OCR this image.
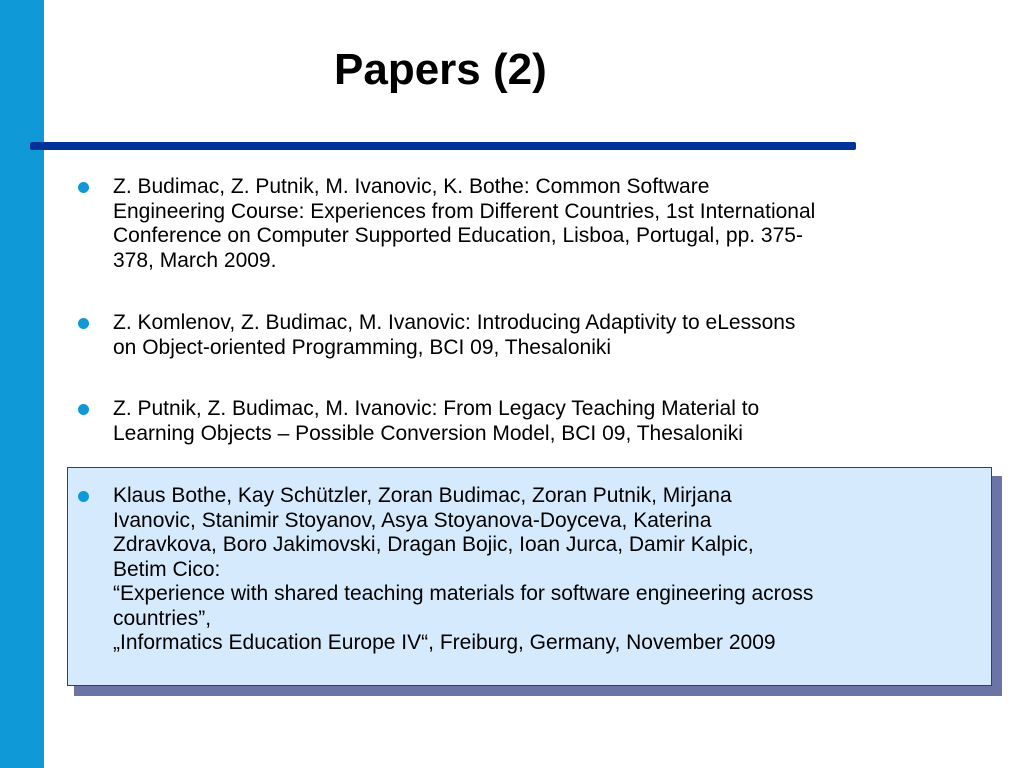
Papers (2)
Z. Budimac, Z. Putnik, M. Ivanovic, K. Bothe: Common Software
Engineering Course: Experiences from Different Countries, 1st International
Conference on Computer Supported Education, Lisboa, Portugal, pp. 375-
378, March 2009.
Z. Komlenov, Z. Budimac, M. Ivanovic: Introducing Adaptivity to eLessons
on Object-oriented Programming, BCI 09, Thesaloniki
Z. Putnik, Z. Budimac, M. Ivanovic: From Legacy Teaching Material to
Learning Objects – Possible Conversion Model, BCI 09, Thesaloniki
Klaus Bothe, Kay Schützler, Zoran Budimac, Zoran Putnik, Mirjana
Ivanovic, Stanimir Stoyanov, Asya Stoyanova-Doyceva, Katerina
Zdravkova, Boro Jakimovski, Dragan Bojic, Ioan Jurca, Damir Kalpic,
Betim Cico:
“Experience with shared teaching materials for software engineering across
countries”,
„Informatics Education Europe IV“, Freiburg, Germany, November 2009
